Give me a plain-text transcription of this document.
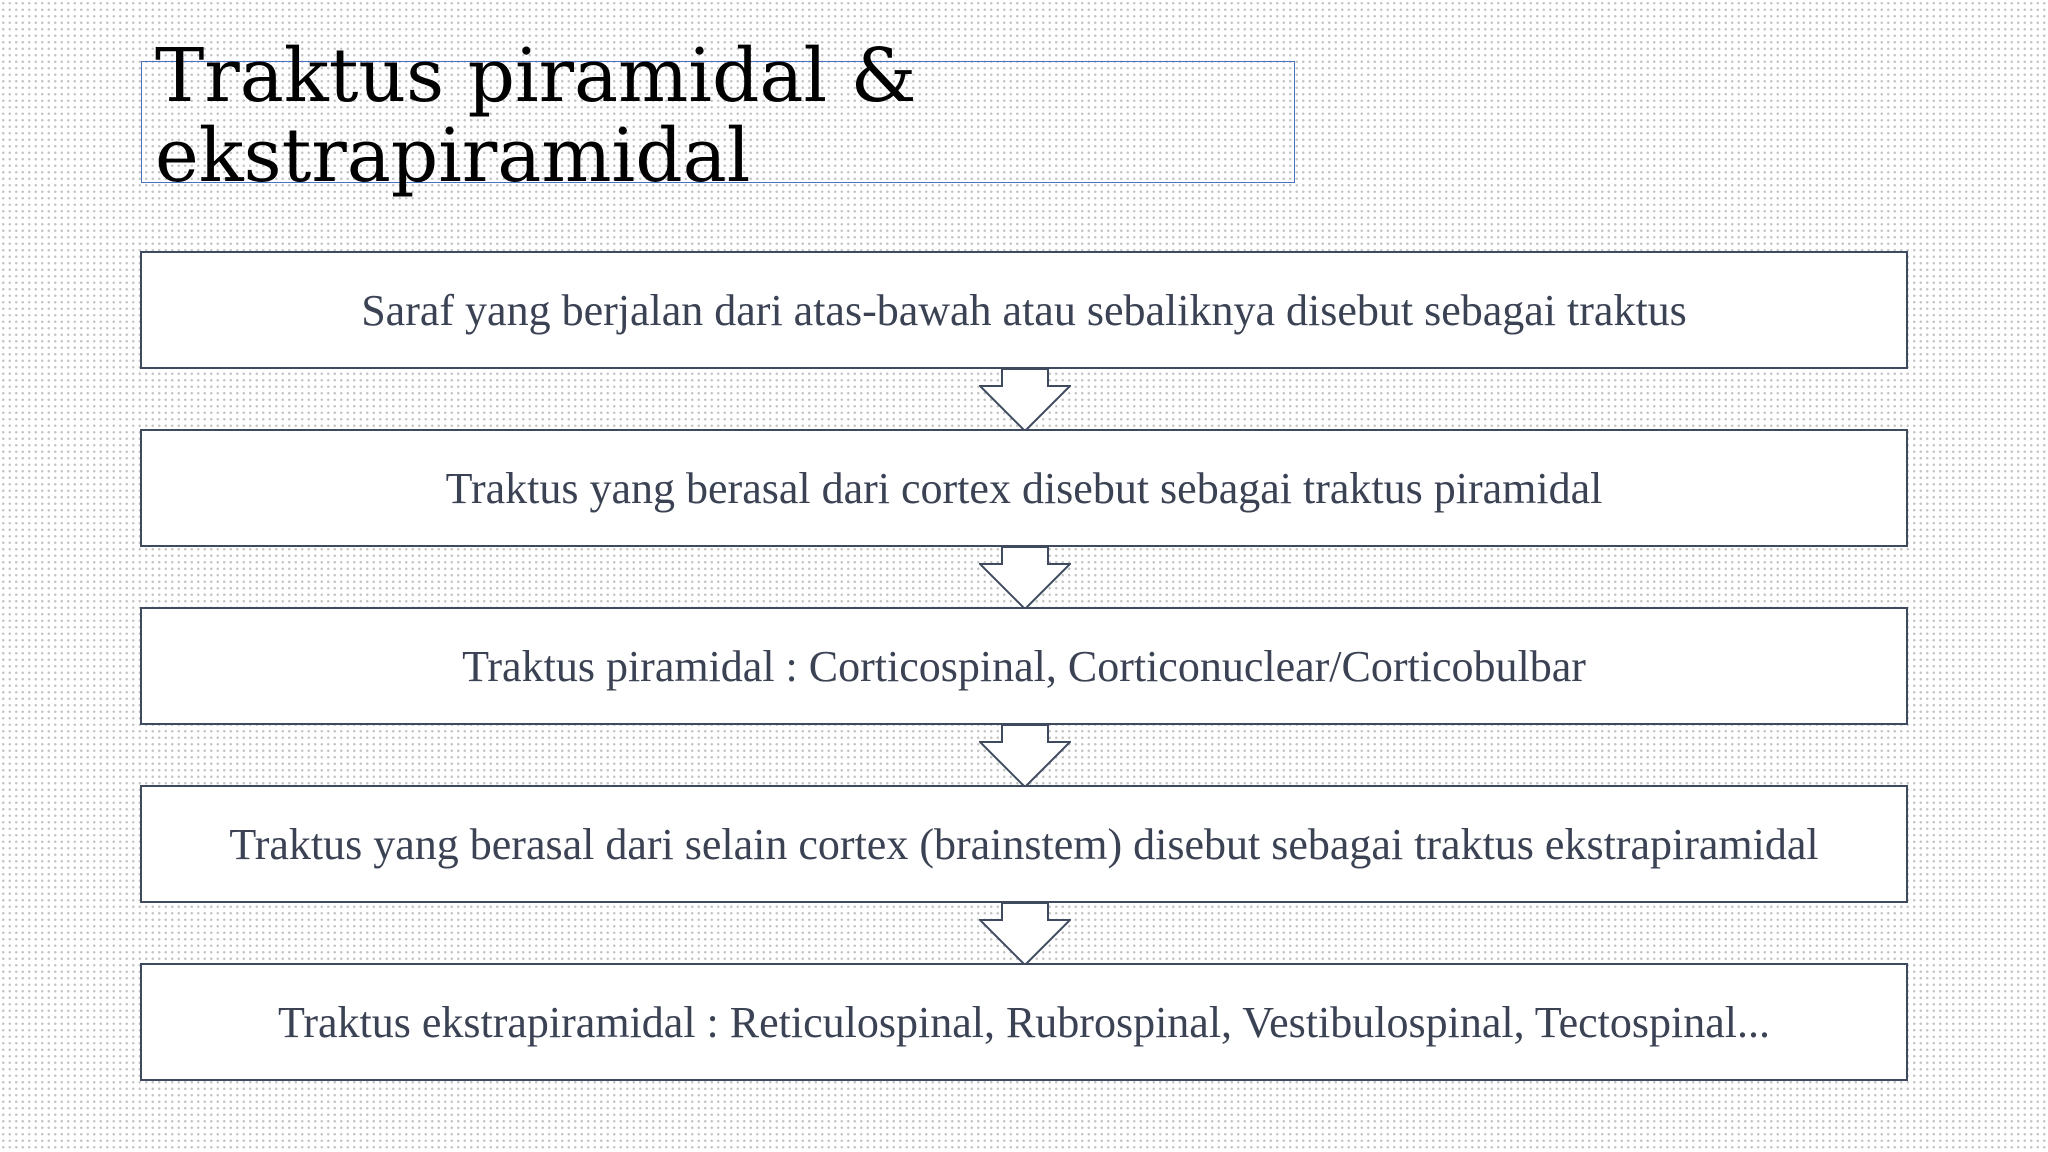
Traktus piramidal &
ekstrapiramidal
Saraf yang berjalan dari atas-bawah atau sebaliknya disebut sebagai traktus
Traktus yang berasal dari cortex disebut sebagai traktus piramidal
Traktus piramidal : Corticospinal, Corticonuclear/Corticobulbar
Traktus yang berasal dari selain cortex (brainstem) disebut sebagai traktus ekstrapiramidal
Traktus ekstrapiramidal : Reticulospinal, Rubrospinal, Vestibulospinal, Tectospinal...
